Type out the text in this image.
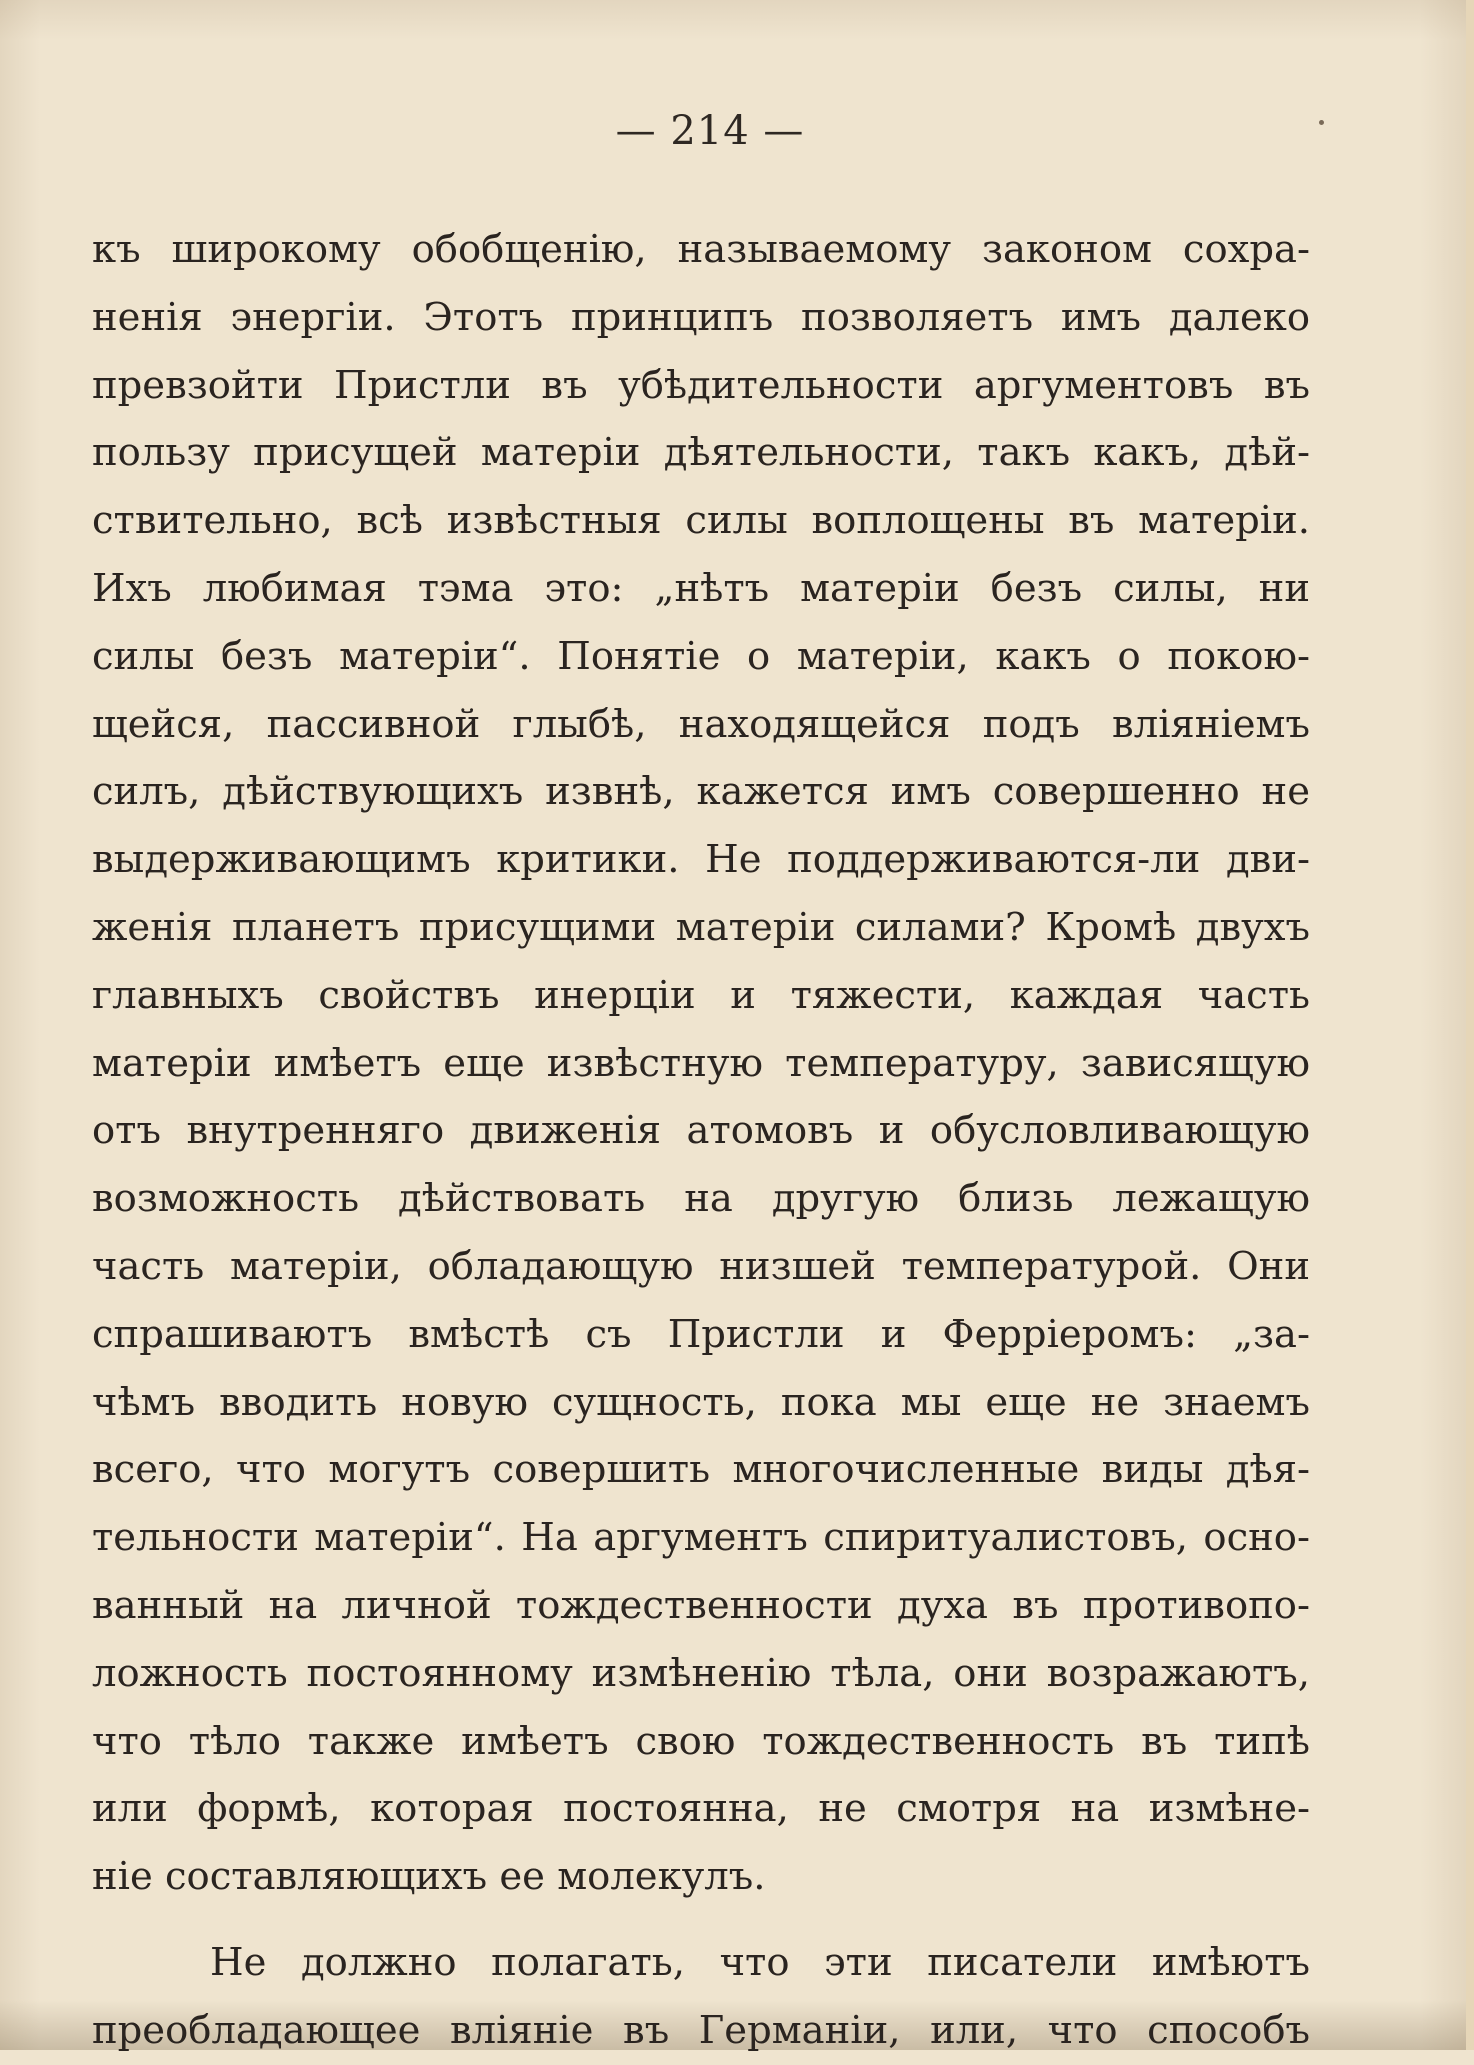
— 214 —
къ широкому обобщенію, называемому законом сохра-
ненія энергіи. Этотъ принципъ позволяетъ имъ далеко
превзойти Пристли въ убѣдительности аргументовъ въ
пользу присущей матеріи дѣятельности, такъ какъ, дѣй-
ствительно, всѣ извѣстныя силы воплощены въ матеріи.
Ихъ любимая тэма это: „нѣтъ матеріи безъ силы, ни
силы безъ матеріи“. Понятіе о матеріи, какъ о покою-
щейся, пассивной глыбѣ, находящейся подъ вліяніемъ
силъ, дѣйствующихъ извнѣ, кажется имъ совершенно не
выдерживающимъ критики. Не поддерживаются-ли дви-
женія планетъ присущими матеріи силами? Кромѣ двухъ
главныхъ свойствъ инерціи и тяжести, каждая часть
матеріи имѣетъ еще извѣстную температуру, зависящую
отъ внутренняго движенія атомовъ и обусловливающую
возможность дѣйствовать на другую близь лежащую
часть матеріи, обладающую низшей температурой. Они
спрашиваютъ вмѣстѣ съ Пристли и Ферріеромъ: „за-
чѣмъ вводить новую сущность, пока мы еще не знаемъ
всего, что могутъ совершить многочисленные виды дѣя-
тельности матеріи“. На аргументъ спиритуалистовъ, осно-
ванный на личной тождественности духа въ противопо-
ложность постоянному измѣненію тѣла, они возражаютъ,
что тѣло также имѣетъ свою тождественность въ типѣ
или формѣ, которая постоянна, не смотря на измѣне-
ніе составляющихъ ее молекулъ.
Не должно полагать, что эти писатели имѣютъ
преобладающее вліяніе въ Германіи, или, что способъ
